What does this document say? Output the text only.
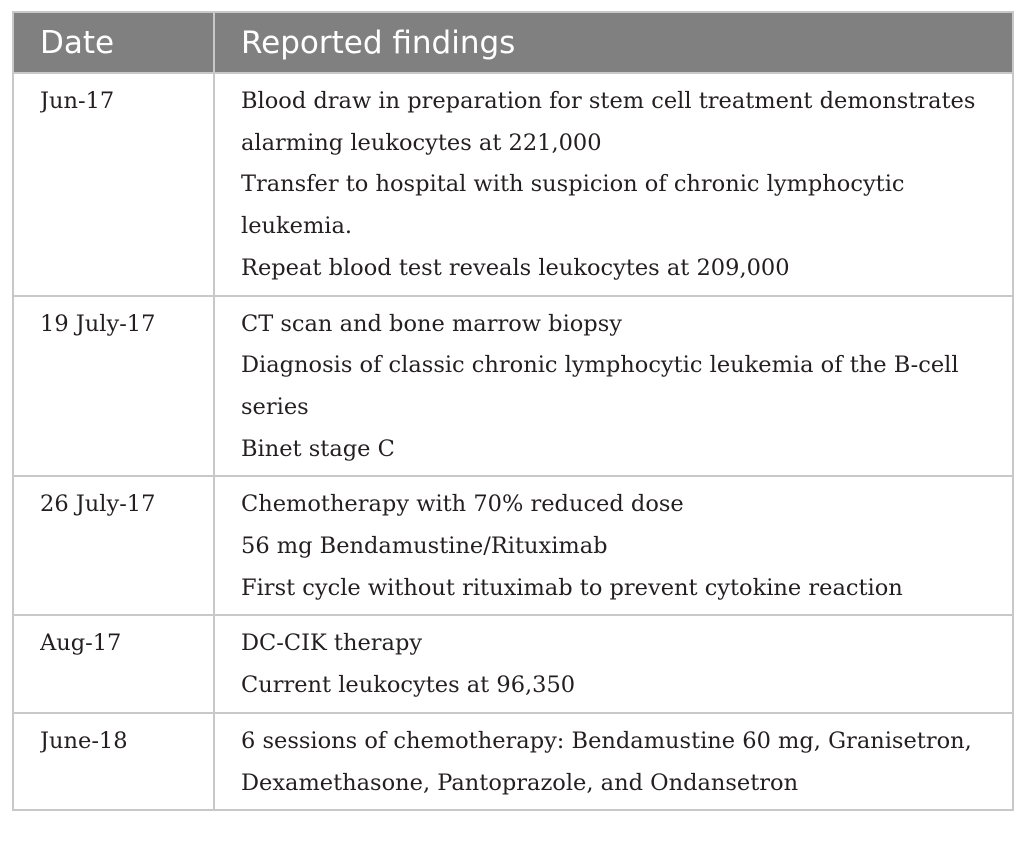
Date	Reported findings

Jun-17	Blood draw in preparation for stem cell treatment demonstrates
alarming leukocytes at 221,000
Transfer to hospital with suspicion of chronic lymphocytic
leukemia.
Repeat blood test reveals leukocytes at 209,000

19 July-17	CT scan and bone marrow biopsy
Diagnosis of classic chronic lymphocytic leukemia of the B-cell
series
Binet stage C

26 July-17	Chemotherapy with 70% reduced dose
56 mg Bendamustine/Rituximab
First cycle without rituximab to prevent cytokine reaction

Aug-17	DC-CIK therapy
Current leukocytes at 96,350

June-18	6 sessions of chemotherapy: Bendamustine 60 mg, Granisetron,
Dexamethasone, Pantoprazole, and Ondansetron
